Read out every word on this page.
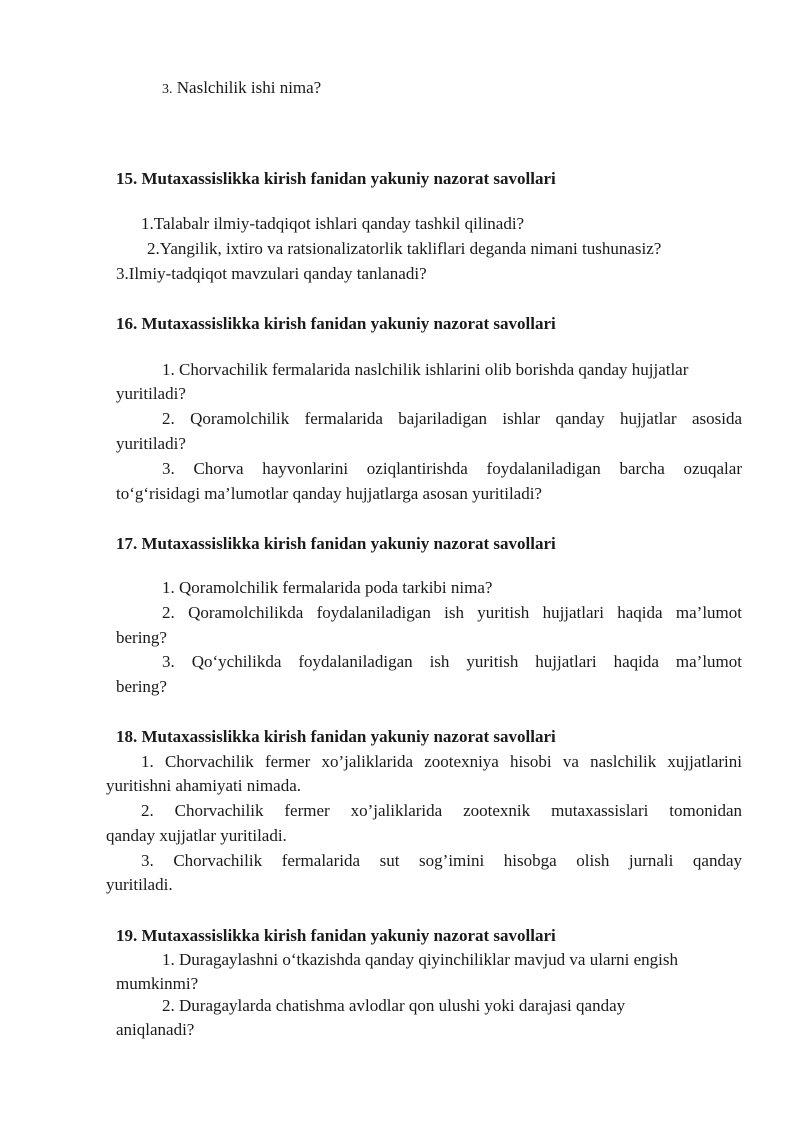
3. Naslchilik ishi nima?

15. Mutaxassislikka kirish fanidan yakuniy nazorat savollari

1.Talabalr ilmiy-tadqiqot ishlari qanday tashkil qilinadi?

2.Yangilik, ixtiro va ratsionalizatorlik takliflari deganda nimani tushunasiz?

3.Ilmiy-tadqiqot mavzulari qanday tanlanadi?

16. Mutaxassislikka kirish fanidan yakuniy nazorat savollari

1. Chorvachilik fermalarida naslchilik ishlarini olib borishda qanday hujjatlar

yuritiladi?

2. Qoramolchilik fermalarida bajariladigan ishlar qanday hujjatlar asosida

yuritiladi?

3. Chorva hayvonlarini oziqlantirishda foydalaniladigan barcha ozuqalar

to‘g‘risidagi ma’lumotlar qanday hujjatlarga asosan yuritiladi?

17. Mutaxassislikka kirish fanidan yakuniy nazorat savollari

1. Qoramolchilik fermalarida poda tarkibi nima?

2. Qoramolchilikda foydalaniladigan ish yuritish hujjatlari haqida ma’lumot

bering?

3. Qo‘ychilikda foydalaniladigan ish yuritish hujjatlari haqida ma’lumot

bering?

18. Mutaxassislikka kirish fanidan yakuniy nazorat savollari

1. Chorvachilik fermer xo’jaliklarida zootexniya hisobi va naslchilik xujjatlarini

yuritishni ahamiyati nimada.

2. Chorvachilik fermer xo’jaliklarida zootexnik mutaxassislari tomonidan

qanday xujjatlar yuritiladi.

3. Chorvachilik fermalarida sut sog’imini hisobga olish jurnali qanday

yuritiladi.

19. Mutaxassislikka kirish fanidan yakuniy nazorat savollari

1. Duragaylashni o‘tkazishda qanday qiyinchiliklar mavjud va ularni engish

mumkinmi?

2. Duragaylarda chatishma avlodlar qon ulushi yoki darajasi qanday

aniqlanadi?
